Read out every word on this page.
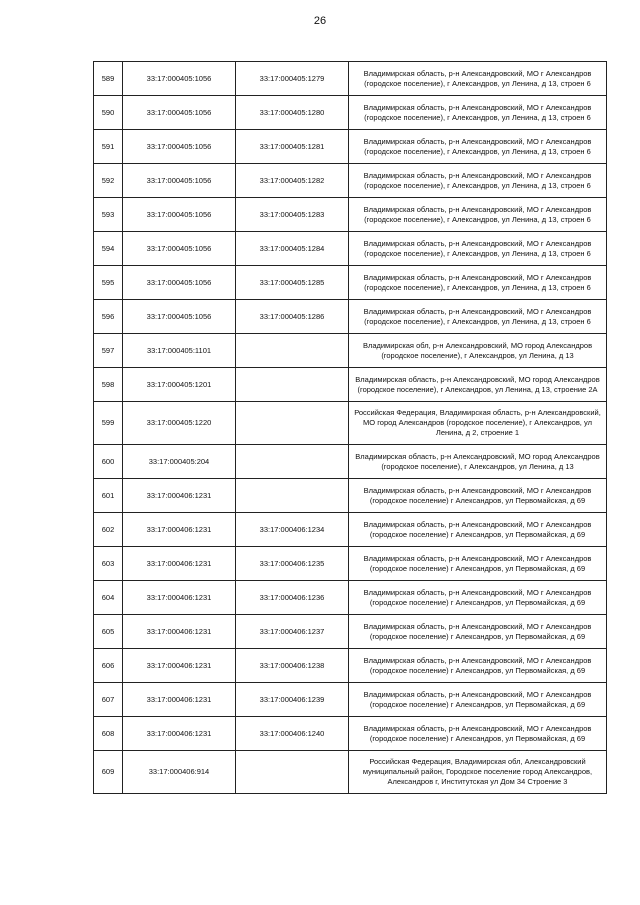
26
589	33:17:000405:1056	33:17:000405:1279	Владимирская область, р-н Александровский, МО г Александров (городское поселение), г Александров, ул Ленина, д 13, строен 6
590	33:17:000405:1056	33:17:000405:1280	Владимирская область, р-н Александровский, МО г Александров (городское поселение), г Александров, ул Ленина, д 13, строен 6
591	33:17:000405:1056	33:17:000405:1281	Владимирская область, р-н Александровский, МО г Александров (городское поселение), г Александров, ул Ленина, д 13, строен 6
592	33:17:000405:1056	33:17:000405:1282	Владимирская область, р-н Александровский, МО г Александров (городское поселение), г Александров, ул Ленина, д 13, строен 6
593	33:17:000405:1056	33:17:000405:1283	Владимирская область, р-н Александровский, МО г Александров (городское поселение), г Александров, ул Ленина, д 13, строен 6
594	33:17:000405:1056	33:17:000405:1284	Владимирская область, р-н Александровский, МО г Александров (городское поселение), г Александров, ул Ленина, д 13, строен 6
595	33:17:000405:1056	33:17:000405:1285	Владимирская область, р-н Александровский, МО г Александров (городское поселение), г Александров, ул Ленина, д 13, строен 6
596	33:17:000405:1056	33:17:000405:1286	Владимирская область, р-н Александровский, МО г Александров (городское поселение), г Александров, ул Ленина, д 13, строен 6
597	33:17:000405:1101		Владимирская обл, р-н Александровский, МО город Александров (городское поселение), г Александров, ул Ленина, д 13
598	33:17:000405:1201		Владимирская область, р-н Александровский, МО город Александров (городское поселение), г Александров, ул Ленина, д 13, строение 2А
599	33:17:000405:1220		Российская Федерация, Владимирская область, р-н Александровский, МО город Александров (городское поселение), г Александров, ул Ленина, д 2, строение 1
600	33:17:000405:204		Владимирская область, р-н Александровский, МО город Александров (городское поселение), г Александров, ул Ленина, д 13
601	33:17:000406:1231		Владимирская область, р-н Александровский, МО г Александров (городское поселение) г Александров, ул Первомайская, д 69
602	33:17:000406:1231	33:17:000406:1234	Владимирская область, р-н Александровский, МО г Александров (городское поселение) г Александров, ул Первомайская, д 69
603	33:17:000406:1231	33:17:000406:1235	Владимирская область, р-н Александровский, МО г Александров (городское поселение) г Александров, ул Первомайская, д 69
604	33:17:000406:1231	33:17:000406:1236	Владимирская область, р-н Александровский, МО г Александров (городское поселение) г Александров, ул Первомайская, д 69
605	33:17:000406:1231	33:17:000406:1237	Владимирская область, р-н Александровский, МО г Александров (городское поселение) г Александров, ул Первомайская, д 69
606	33:17:000406:1231	33:17:000406:1238	Владимирская область, р-н Александровский, МО г Александров (городское поселение) г Александров, ул Первомайская, д 69
607	33:17:000406:1231	33:17:000406:1239	Владимирская область, р-н Александровский, МО г Александров (городское поселение) г Александров, ул Первомайская, д 69
608	33:17:000406:1231	33:17:000406:1240	Владимирская область, р-н Александровский, МО г Александров (городское поселение) г Александров, ул Первомайская, д 69
609	33:17:000406:914		Российская Федерация, Владимирская обл, Александровский муниципальный район, Городское поселение город Александров, Александров г, Институтская ул Дом 34 Строение 3
